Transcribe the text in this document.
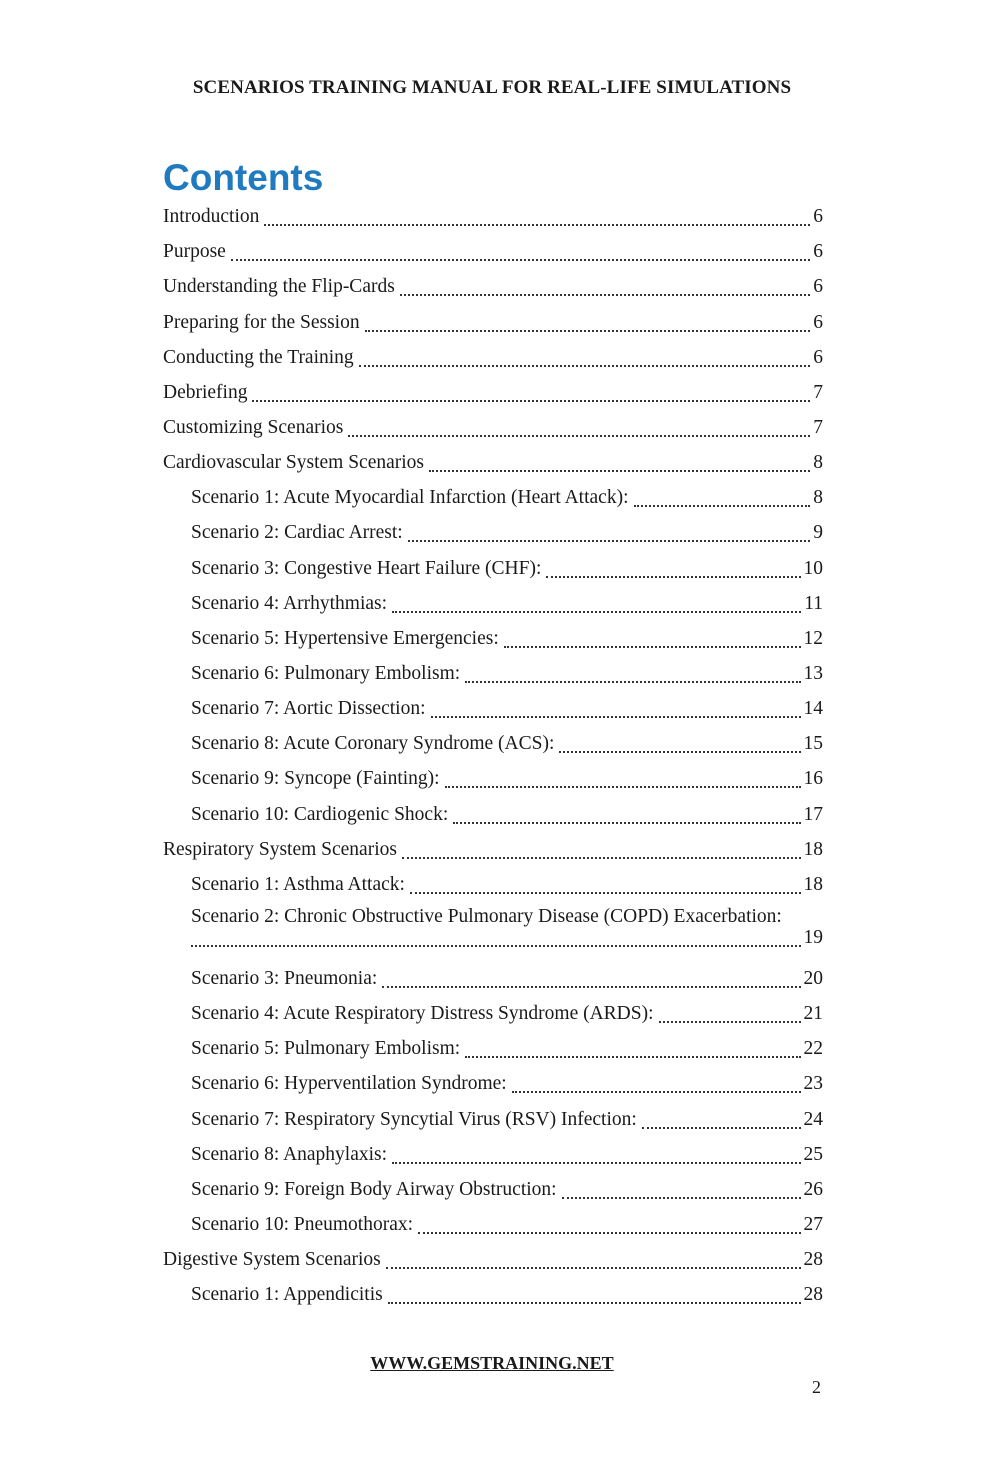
SCENARIOS TRAINING MANUAL FOR REAL-LIFE SIMULATIONS
Contents
Introduction	6
Purpose	6
Understanding the Flip-Cards	6
Preparing for the Session	6
Conducting the Training	6
Debriefing	7
Customizing Scenarios	7
Cardiovascular System Scenarios	8
Scenario 1: Acute Myocardial Infarction (Heart Attack):	8
Scenario 2: Cardiac Arrest:	9
Scenario 3: Congestive Heart Failure (CHF):	10
Scenario 4: Arrhythmias:	11
Scenario 5: Hypertensive Emergencies:	12
Scenario 6: Pulmonary Embolism:	13
Scenario 7: Aortic Dissection:	14
Scenario 8: Acute Coronary Syndrome (ACS):	15
Scenario 9: Syncope (Fainting):	16
Scenario 10: Cardiogenic Shock:	17
Respiratory System Scenarios	18
Scenario 1: Asthma Attack:	18
Scenario 2: Chronic Obstructive Pulmonary Disease (COPD) Exacerbation:
19
Scenario 3: Pneumonia:	20
Scenario 4: Acute Respiratory Distress Syndrome (ARDS):	21
Scenario 5: Pulmonary Embolism:	22
Scenario 6: Hyperventilation Syndrome:	23
Scenario 7: Respiratory Syncytial Virus (RSV) Infection:	24
Scenario 8: Anaphylaxis:	25
Scenario 9: Foreign Body Airway Obstruction:	26
Scenario 10: Pneumothorax:	27
Digestive System Scenarios	28
Scenario 1: Appendicitis	28
WWW.GEMSTRAINING.NET
2
